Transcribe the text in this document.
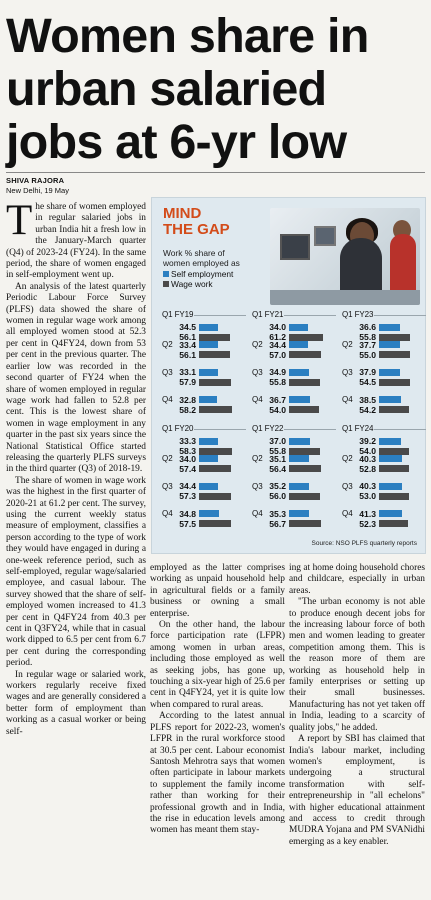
Women share in
urban salaried
jobs at 6-yr low
SHIVA RAJORA
New Delhi, 19 May

The share of women employed in regular salaried jobs in urban India hit a fresh low in the January-March quarter (Q4) of 2023-24 (FY24). In the same period, the share of women engaged in self-employment went up.

An analysis of the latest quarterly Periodic Labour Force Survey (PLFS) data showed the share of women in regular wage work among all employed women stood at 52.3 per cent in Q4FY24, down from 53 per cent in the previous quarter. The earlier low was recorded in the second quarter of FY24 when the share of women employed in regular wage work had fallen to 52.8 per cent. This is the lowest share of women in wage employment in any quarter in the past six years since the National Statistical Office started releasing the quarterly PLFS surveys in the third quarter (Q3) of 2018-19.

The share of women in wage work was the highest in the first quarter of 2020-21 at 61.2 per cent. The survey, using the current weekly status measure of employment, classifies a person according to the type of work they would have engaged in during a one-week reference period, such as self-employed, regular wage/salaried employee, and casual labour. The survey showed that the share of self-employed women increased to 41.3 per cent in Q4FY24 from 40.3 per cent in Q3FY24, while that in casual work dipped to 6.5 per cent from 6.7 per cent during the corresponding period.

In regular wage or salaried work, workers regularly receive fixed wages and are generally considered a better form of employment than working as a casual worker or being self-

employed as the latter comprises working as unpaid household help in agricultural fields or a family business or owning a small enterprise.

On the other hand, the labour force participation rate (LFPR) among women in urban areas, including those employed as well as seeking jobs, has gone up, touching a six-year high of 25.6 per cent in Q4FY24, yet it is quite low when compared to rural areas.

According to the latest annual PLFS report for 2022-23, women's LFPR in the rural workforce stood at 30.5 per cent. Labour economist Santosh Mehrotra says that women often participate in labour markets to supplement the family income rather than working for their professional growth and in India, the rise in education levels among women has meant them stay-

ing at home doing household chores and childcare, especially in urban areas.

"The urban economy is not able to produce enough decent jobs for the increasing labour force of both men and women leading to greater competition among them. This is the reason more of them are working as household help in family enterprises or setting up their small businesses. Manufacturing has not yet taken off in India, leading to a scarcity of quality jobs," he added.

A report by SBI has claimed that India's labour market, including women's employment, is undergoing a structural transformation with self-entrepreneurship in "all echelons" with higher educational attainment and access to credit through MUDRA Yojana and PM SVANidhi emerging as a key enabler.

MIND
THE GAP
Work % share of
women employed as
Self employment
Wage work
Q1 FY19
34.5
56.1
Q2 33.4
56.1
Q3 33.1
57.9
Q4 32.8
58.2
Q1 FY20
33.3
58.3
Q2 34.0
57.4
Q3 34.4
57.3
Q4 34.8
57.5
Q1 FY21
34.0
61.2
Q2 34.4
57.0
Q3 34.9
55.8
Q4 36.7
54.0
Q1 FY22
37.0
55.8
Q2 35.1
56.4
Q3 35.2
56.0
Q4 35.3
56.7
Q1 FY23
36.6
55.8
Q2 37.7
55.0
Q3 37.9
54.5
Q4 38.5
54.2
Q1 FY24
39.2
54.0
Q2 40.3
52.8
Q3 40.3
53.0
Q4 41.3
52.3
Source: NSO PLFS quarterly reports
